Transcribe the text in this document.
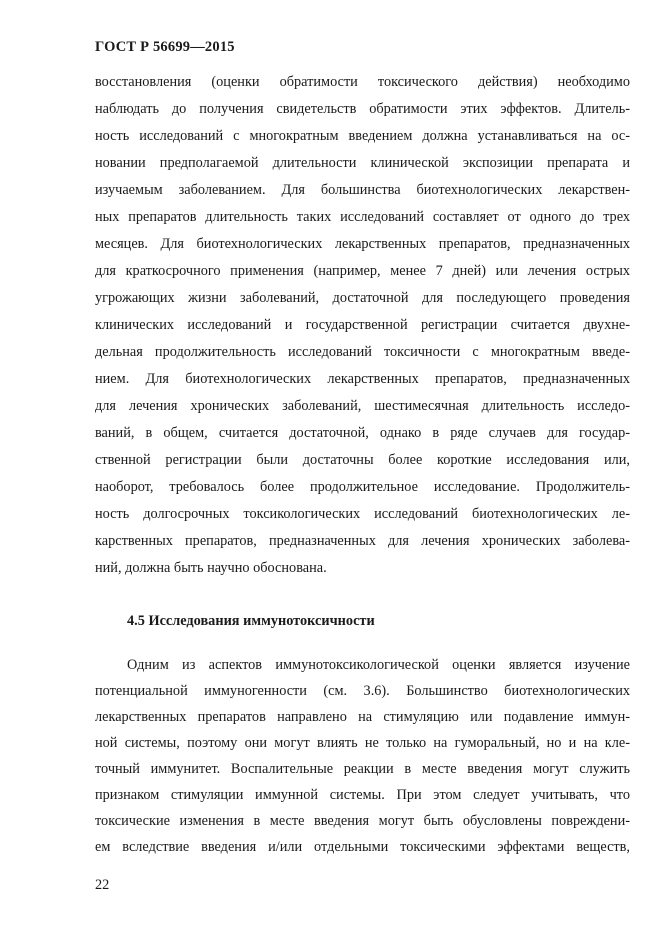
ГОСТ Р 56699—2015
восстановления (оценки обратимости токсического действия) необходимо
наблюдать до получения свидетельств обратимости этих эффектов. Длитель-
ность исследований с многократным введением должна устанавливаться на ос-
новании предполагаемой длительности клинической экспозиции препарата и
изучаемым заболеванием. Для большинства биотехнологических лекарствен-
ных препаратов длительность таких исследований составляет от одного до трех
месяцев. Для биотехнологических лекарственных препаратов, предназначенных
для краткосрочного применения (например, менее 7 дней) или лечения острых
угрожающих жизни заболеваний, достаточной для последующего проведения
клинических исследований и государственной регистрации считается двухне-
дельная продолжительность исследований токсичности с многократным введе-
нием. Для биотехнологических лекарственных препаратов, предназначенных
для лечения хронических заболеваний, шестимесячная длительность исследо-
ваний, в общем, считается достаточной, однако в ряде случаев для государ-
ственной регистрации были достаточны более короткие исследования или,
наоборот, требовалось более продолжительное исследование. Продолжитель-
ность долгосрочных токсикологических исследований биотехнологических ле-
карственных препаратов, предназначенных для лечения хронических заболева-
ний, должна быть научно обоснована.
4.5 Исследования иммунотоксичности
Одним из аспектов иммунотоксикологической оценки является изучение
потенциальной иммуногенности (см. 3.6). Большинство биотехнологических
лекарственных препаратов направлено на стимуляцию или подавление иммун-
ной системы, поэтому они могут влиять не только на гуморальный, но и на кле-
точный иммунитет. Воспалительные реакции в месте введения могут служить
признаком стимуляции иммунной системы. При этом следует учитывать, что
токсические изменения в месте введения могут быть обусловлены повреждени-
ем вследствие введения и/или отдельными токсическими эффектами веществ,
22
